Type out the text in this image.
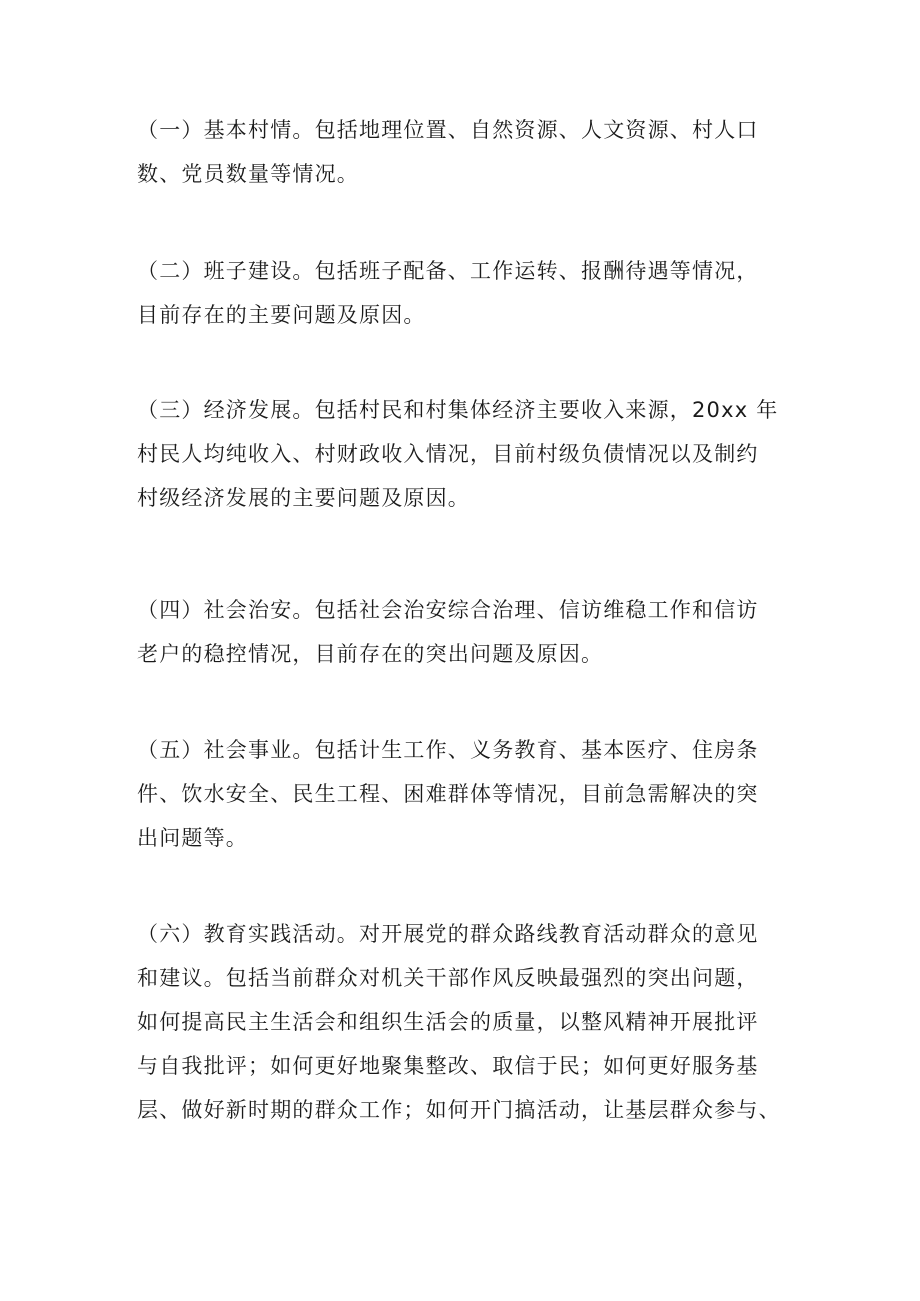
（一）基本村情。包括地理位置、自然资源、人文资源、村人口
数、党员数量等情况。

（二）班子建设。包括班子配备、工作运转、报酬待遇等情况，
目前存在的主要问题及原因。

（三）经济发展。包括村民和村集体经济主要收入来源，20xx 年
村民人均纯收入、村财政收入情况，目前村级负债情况以及制约
村级经济发展的主要问题及原因。

（四）社会治安。包括社会治安综合治理、信访维稳工作和信访
老户的稳控情况，目前存在的突出问题及原因。

（五）社会事业。包括计生工作、义务教育、基本医疗、住房条
件、饮水安全、民生工程、困难群体等情况，目前急需解决的突
出问题等。

（六）教育实践活动。对开展党的群众路线教育活动群众的意见
和建议。包括当前群众对机关干部作风反映最强烈的突出问题，
如何提高民主生活会和组织生活会的质量，以整风精神开展批评
与自我批评；如何更好地聚集整改、取信于民；如何更好服务基
层、做好新时期的群众工作；如何开门搞活动，让基层群众参与、
